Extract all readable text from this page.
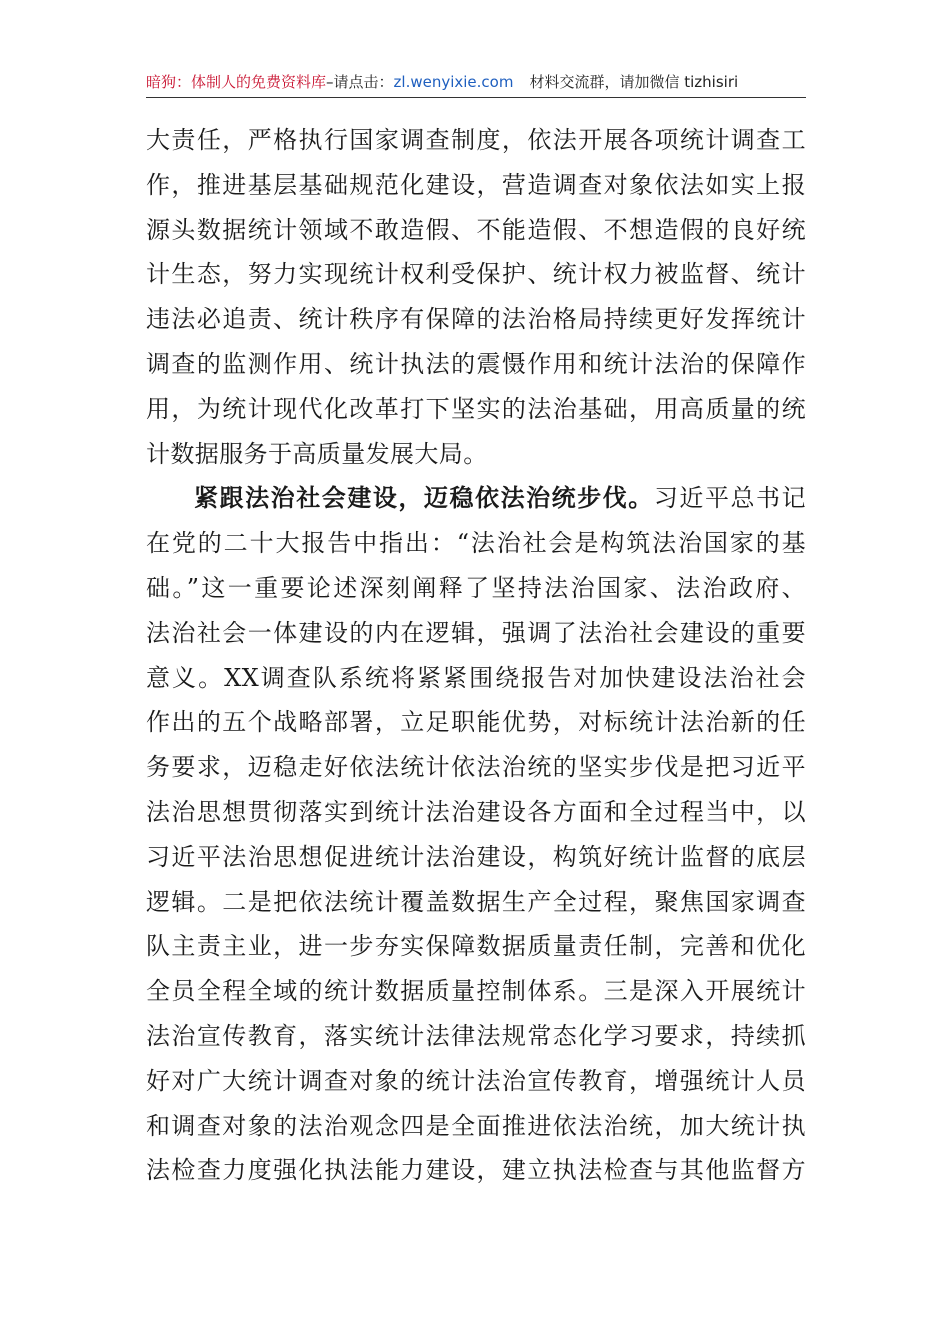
暗狗：体制人的免费资料库–请点击：zl.wenyixie.com 材料交流群，请加微信 tizhisiri
大责任，严格执行国家调查制度，依法开展各项统计调查工
作，推进基层基础规范化建设，营造调查对象依法如实上报
源头数据统计领域不敢造假、不能造假、不想造假的良好统
计生态，努力实现统计权利受保护、统计权力被监督、统计
违法必追责、统计秩序有保障的法治格局持续更好发挥统计
调查的监测作用、统计执法的震慑作用和统计法治的保障作
用，为统计现代化改革打下坚实的法治基础，用高质量的统
计数据服务于高质量发展大局。
紧跟法治社会建设，迈稳依法治统步伐。习近平总书记
在党的二十大报告中指出：“法治社会是构筑法治国家的基
础。”这一重要论述深刻阐释了坚持法治国家、法治政府、
法治社会一体建设的内在逻辑，强调了法治社会建设的重要
意义。XX调查队系统将紧紧围绕报告对加快建设法治社会
作出的五个战略部署，立足职能优势，对标统计法治新的任
务要求，迈稳走好依法统计依法治统的坚实步伐是把习近平
法治思想贯彻落实到统计法治建设各方面和全过程当中，以
习近平法治思想促进统计法治建设，构筑好统计监督的底层
逻辑。二是把依法统计覆盖数据生产全过程，聚焦国家调查
队主责主业，进一步夯实保障数据质量责任制，完善和优化
全员全程全域的统计数据质量控制体系。三是深入开展统计
法治宣传教育，落实统计法律法规常态化学习要求，持续抓
好对广大统计调查对象的统计法治宣传教育，增强统计人员
和调查对象的法治观念四是全面推进依法治统，加大统计执
法检查力度强化执法能力建设，建立执法检查与其他监督方
